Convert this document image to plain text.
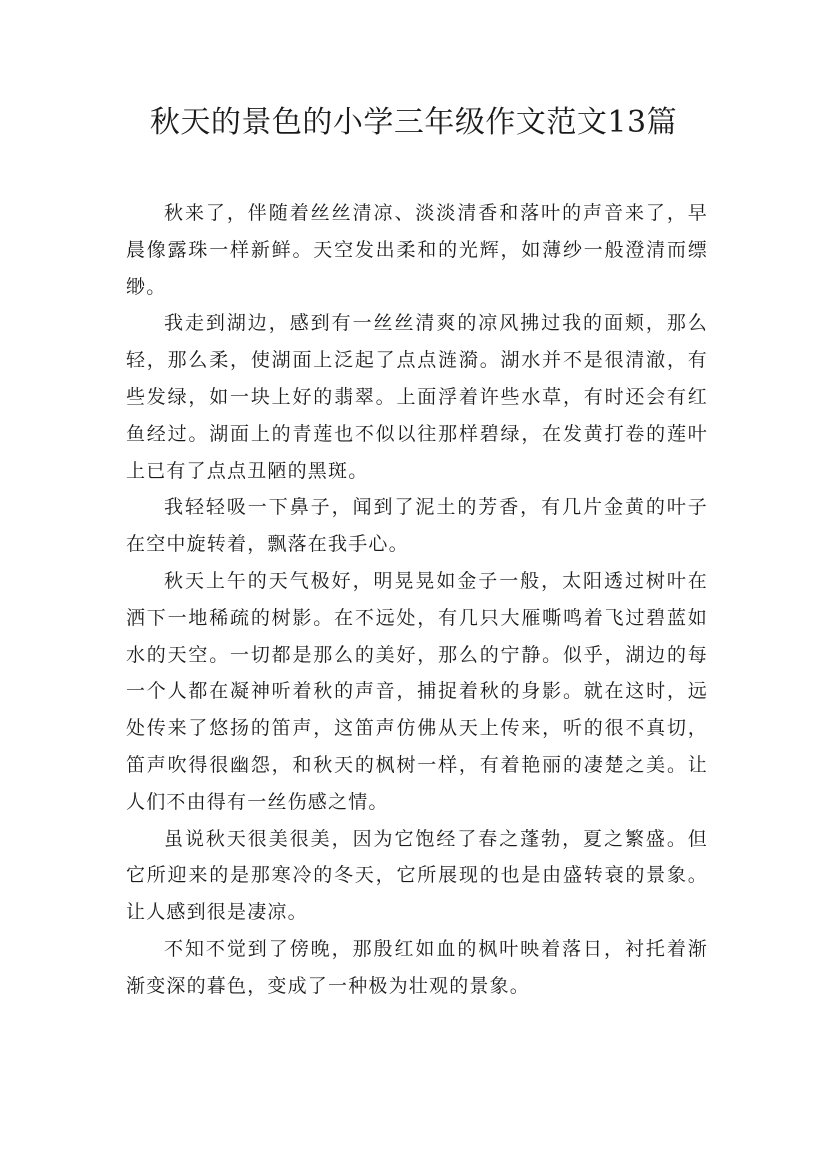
秋天的景色的小学三年级作文范文13篇

秋来了，伴随着丝丝清凉、淡淡清香和落叶的声音来了，早晨像露珠一样新鲜。天空发出柔和的光辉，如薄纱一般澄清而缥缈。

我走到湖边，感到有一丝丝清爽的凉风拂过我的面颊，那么轻，那么柔，使湖面上泛起了点点涟漪。湖水并不是很清澈，有些发绿，如一块上好的翡翠。上面浮着许些水草，有时还会有红鱼经过。湖面上的青莲也不似以往那样碧绿，在发黄打卷的莲叶上已有了点点丑陋的黑斑。

我轻轻吸一下鼻子，闻到了泥土的芳香，有几片金黄的叶子在空中旋转着，飘落在我手心。

秋天上午的天气极好，明晃晃如金子一般，太阳透过树叶在洒下一地稀疏的树影。在不远处，有几只大雁嘶鸣着飞过碧蓝如水的天空。一切都是那么的美好，那么的宁静。似乎，湖边的每一个人都在凝神听着秋的声音，捕捉着秋的身影。就在这时，远处传来了悠扬的笛声，这笛声仿佛从天上传来，听的很不真切，笛声吹得很幽怨，和秋天的枫树一样，有着艳丽的凄楚之美。让人们不由得有一丝伤感之情。

虽说秋天很美很美，因为它饱经了春之蓬勃，夏之繁盛。但它所迎来的是那寒冷的冬天，它所展现的也是由盛转衰的景象。让人感到很是凄凉。

不知不觉到了傍晚，那殷红如血的枫叶映着落日，衬托着渐渐变深的暮色，变成了一种极为壮观的景象。
